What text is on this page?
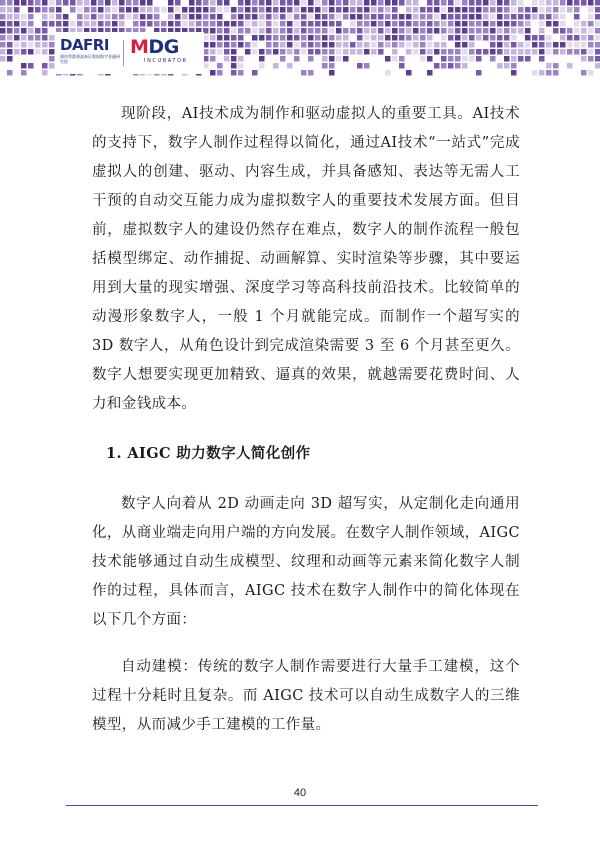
DAFRI
湖南粤港澳高新区数据数字金融研究院
MDG
INCUBATOR

现阶段，AI技术成为制作和驱动虚拟人的重要工具。AI技术的支持下，数字人制作过程得以简化，通过AI技术“一站式”完成虚拟人的创建、驱动、内容生成，并具备感知、表达等无需人工干预的自动交互能力成为虚拟数字人的重要技术发展方面。但目前，虚拟数字人的建设仍然存在难点，数字人的制作流程一般包括模型绑定、动作捕捉、动画解算、实时渲染等步骤，其中要运用到大量的现实增强、深度学习等高科技前沿技术。比较简单的动漫形象数字人，一般 1 个月就能完成。而制作一个超写实的 3D 数字人，从角色设计到完成渲染需要 3 至 6 个月甚至更久。数字人想要实现更加精致、逼真的效果，就越需要花费时间、人力和金钱成本。

1. AIGC 助力数字人简化创作

数字人向着从 2D 动画走向 3D 超写实，从定制化走向通用化，从商业端走向用户端的方向发展。在数字人制作领域，AIGC 技术能够通过自动生成模型、纹理和动画等元素来简化数字人制作的过程，具体而言，AIGC 技术在数字人制作中的简化体现在以下几个方面：

自动建模：传统的数字人制作需要进行大量手工建模，这个过程十分耗时且复杂。而 AIGC 技术可以自动生成数字人的三维模型，从而减少手工建模的工作量。

40
